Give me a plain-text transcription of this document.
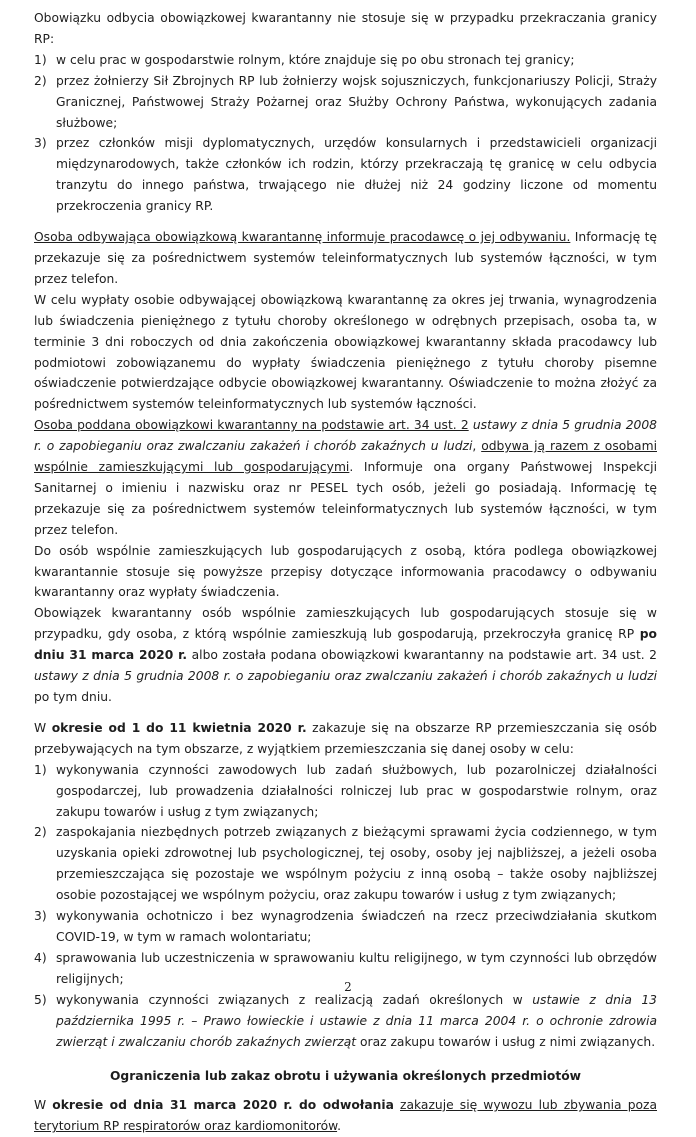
Obowiązku odbycia obowiązkowej kwarantanny nie stosuje się w przypadku przekraczania granicy RP:

1) w celu prac w gospodarstwie rolnym, które znajduje się po obu stronach tej granicy;
2) przez żołnierzy Sił Zbrojnych RP lub żołnierzy wojsk sojuszniczych, funkcjonariuszy Policji, Straży Granicznej, Państwowej Straży Pożarnej oraz Służby Ochrony Państwa, wykonujących zadania służbowe;
3) przez członków misji dyplomatycznych, urzędów konsularnych i przedstawicieli organizacji międzynarodowych, także członków ich rodzin, którzy przekraczają tę granicę w celu odbycia tranzytu do innego państwa, trwającego nie dłużej niż 24 godziny liczone od momentu przekroczenia granicy RP.

Osoba odbywająca obowiązkową kwarantannę informuje pracodawcę o jej odbywaniu. Informację tę przekazuje się za pośrednictwem systemów teleinformatycznych lub systemów łączności, w tym przez telefon.

W celu wypłaty osobie odbywającej obowiązkową kwarantannę za okres jej trwania, wynagrodzenia lub świadczenia pieniężnego z tytułu choroby określonego w odrębnych przepisach, osoba ta, w terminie 3 dni roboczych od dnia zakończenia obowiązkowej kwarantanny składa pracodawcy lub podmiotowi zobowiązanemu do wypłaty świadczenia pieniężnego z tytułu choroby pisemne oświadczenie potwierdzające odbycie obowiązkowej kwarantanny. Oświadczenie to można złożyć za pośrednictwem systemów teleinformatycznych lub systemów łączności.

Osoba poddana obowiązkowi kwarantanny na podstawie art. 34 ust. 2 ustawy z dnia 5 grudnia 2008 r. o zapobieganiu oraz zwalczaniu zakażeń i chorób zakaźnych u ludzi, odbywa ją razem z osobami wspólnie zamieszkującymi lub gospodarującymi. Informuje ona organy Państwowej Inspekcji Sanitarnej o imieniu i nazwisku oraz nr PESEL tych osób, jeżeli go posiadają. Informację tę przekazuje się za pośrednictwem systemów teleinformatycznych lub systemów łączności, w tym przez telefon.

Do osób wspólnie zamieszkujących lub gospodarujących z osobą, która podlega obowiązkowej kwarantannie stosuje się powyższe przepisy dotyczące informowania pracodawcy o odbywaniu kwarantanny oraz wypłaty świadczenia.

Obowiązek kwarantanny osób wspólnie zamieszkujących lub gospodarujących stosuje się w przypadku, gdy osoba, z którą wspólnie zamieszkują lub gospodarują, przekroczyła granicę RP po dniu 31 marca 2020 r. albo została podana obowiązkowi kwarantanny na podstawie art. 34 ust. 2 ustawy z dnia 5 grudnia 2008 r. o zapobieganiu oraz zwalczaniu zakażeń i chorób zakaźnych u ludzi po tym dniu.

W okresie od 1 do 11 kwietnia 2020 r. zakazuje się na obszarze RP przemieszczania się osób przebywających na tym obszarze, z wyjątkiem przemieszczania się danej osoby w celu:

1) wykonywania czynności zawodowych lub zadań służbowych, lub pozarolniczej działalności gospodarczej, lub prowadzenia działalności rolniczej lub prac w gospodarstwie rolnym, oraz zakupu towarów i usług z tym związanych;
2) zaspokajania niezbędnych potrzeb związanych z bieżącymi sprawami życia codziennego, w tym uzyskania opieki zdrowotnej lub psychologicznej, tej osoby, osoby jej najbliższej, a jeżeli osoba przemieszczająca się pozostaje we wspólnym pożyciu z inną osobą – także osoby najbliższej osobie pozostającej we wspólnym pożyciu, oraz zakupu towarów i usług z tym związanych;
3) wykonywania ochotniczo i bez wynagrodzenia świadczeń na rzecz przeciwdziałania skutkom COVID-19, w tym w ramach wolontariatu;
4) sprawowania lub uczestniczenia w sprawowaniu kultu religijnego, w tym czynności lub obrzędów religijnych;
5) wykonywania czynności związanych z realizacją zadań określonych w ustawie z dnia 13 października 1995 r. – Prawo łowieckie i ustawie z dnia 11 marca 2004 r. o ochronie zdrowia zwierząt i zwalczaniu chorób zakaźnych zwierząt oraz zakupu towarów i usług z nimi związanych.
Ograniczenia lub zakaz obrotu i używania określonych przedmiotów

W okresie od dnia 31 marca 2020 r. do odwołania zakazuje się wywozu lub zbywania poza terytorium RP respiratorów oraz kardiomonitorów.

2
